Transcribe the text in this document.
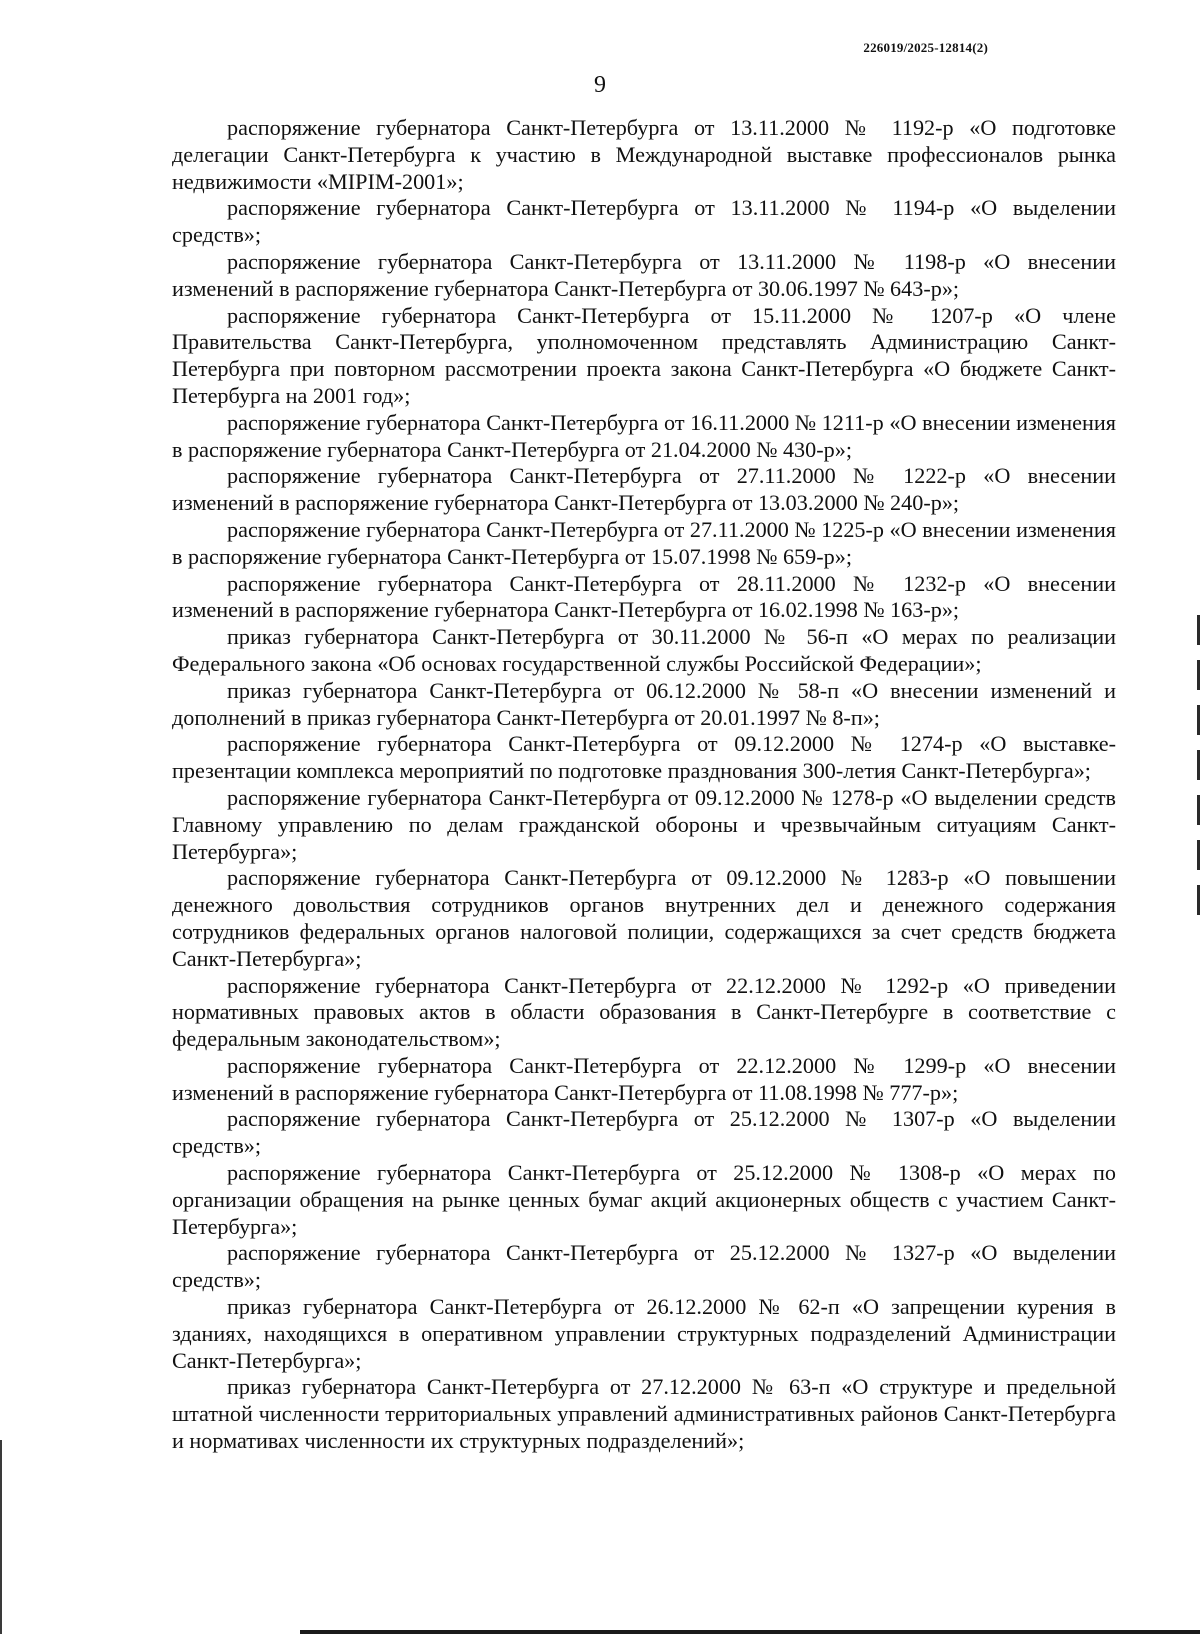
226019/2025-12814(2)
9

распоряжение губернатора Санкт-Петербурга от 13.11.2000 № 1192-р «О подготовке делегации Санкт-Петербурга к участию в Международной выставке профессионалов рынка недвижимости «MIPIM-2001»;

распоряжение губернатора Санкт-Петербурга от 13.11.2000 № 1194-р «О выделении средств»;

распоряжение губернатора Санкт-Петербурга от 13.11.2000 № 1198-р «О внесении изменений в распоряжение губернатора Санкт-Петербурга от 30.06.1997 № 643-р»;

распоряжение губернатора Санкт-Петербурга от 15.11.2000 № 1207-р «О члене Правительства Санкт-Петербурга, уполномоченном представлять Администрацию Санкт-Петербурга при повторном рассмотрении проекта закона Санкт-Петербурга «О бюджете Санкт-Петербурга на 2001 год»;

распоряжение губернатора Санкт-Петербурга от 16.11.2000 № 1211-р «О внесении изменения в распоряжение губернатора Санкт-Петербурга от 21.04.2000 № 430-р»;

распоряжение губернатора Санкт-Петербурга от 27.11.2000 № 1222-р «О внесении изменений в распоряжение губернатора Санкт-Петербурга от 13.03.2000 № 240-р»;

распоряжение губернатора Санкт-Петербурга от 27.11.2000 № 1225-р «О внесении изменения в распоряжение губернатора Санкт-Петербурга от 15.07.1998 № 659-р»;

распоряжение губернатора Санкт-Петербурга от 28.11.2000 № 1232-р «О внесении изменений в распоряжение губернатора Санкт-Петербурга от 16.02.1998 № 163-р»;

приказ губернатора Санкт-Петербурга от 30.11.2000 № 56-п «О мерах по реализации Федерального закона «Об основах государственной службы Российской Федерации»;

приказ губернатора Санкт-Петербурга от 06.12.2000 № 58-п «О внесении изменений и дополнений в приказ губернатора Санкт-Петербурга от 20.01.1997 № 8-п»;

распоряжение губернатора Санкт-Петербурга от 09.12.2000 № 1274-р «О выставке-презентации комплекса мероприятий по подготовке празднования 300-летия Санкт-Петербурга»;

распоряжение губернатора Санкт-Петербурга от 09.12.2000 № 1278-р «О выделении средств Главному управлению по делам гражданской обороны и чрезвычайным ситуациям Санкт-Петербурга»;

распоряжение губернатора Санкт-Петербурга от 09.12.2000 № 1283-р «О повышении денежного довольствия сотрудников органов внутренних дел и денежного содержания сотрудников федеральных органов налоговой полиции, содержащихся за счет средств бюджета Санкт-Петербурга»;

распоряжение губернатора Санкт-Петербурга от 22.12.2000 № 1292-р «О приведении нормативных правовых актов в области образования в Санкт-Петербурге в соответствие с федеральным законодательством»;

распоряжение губернатора Санкт-Петербурга от 22.12.2000 № 1299-р «О внесении изменений в распоряжение губернатора Санкт-Петербурга от 11.08.1998 № 777-р»;

распоряжение губернатора Санкт-Петербурга от 25.12.2000 № 1307-р «О выделении средств»;

распоряжение губернатора Санкт-Петербурга от 25.12.2000 № 1308-р «О мерах по организации обращения на рынке ценных бумаг акций акционерных обществ с участием Санкт-Петербурга»;

распоряжение губернатора Санкт-Петербурга от 25.12.2000 № 1327-р «О выделении средств»;

приказ губернатора Санкт-Петербурга от 26.12.2000 № 62-п «О запрещении курения в зданиях, находящихся в оперативном управлении структурных подразделений Администрации Санкт-Петербурга»;

приказ губернатора Санкт-Петербурга от 27.12.2000 № 63-п «О структуре и предельной штатной численности территориальных управлений административных районов Санкт-Петербурга и нормативах численности их структурных подразделений»;
